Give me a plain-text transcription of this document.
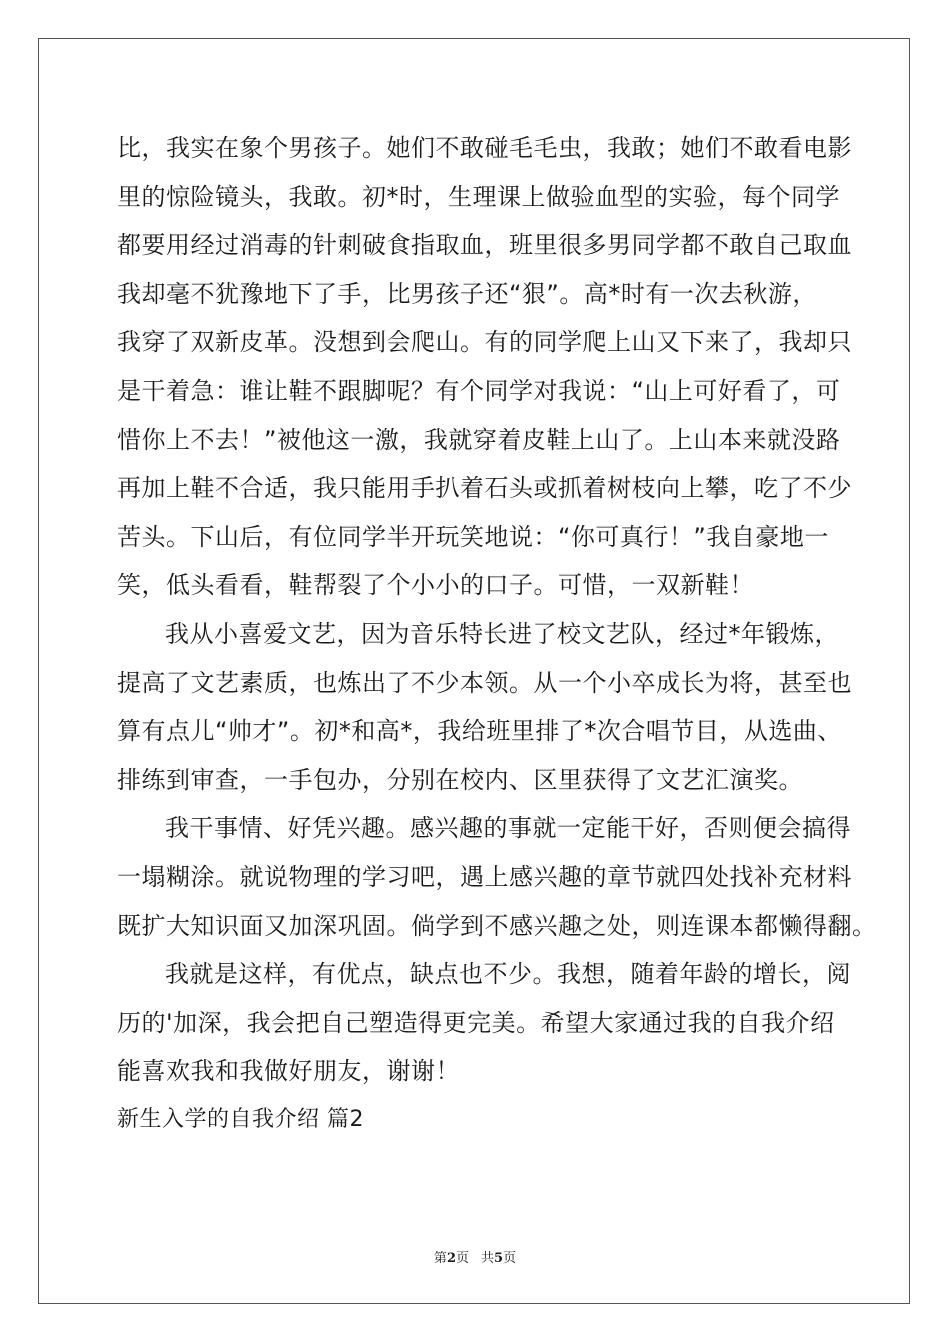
比，我实在象个男孩子。她们不敢碰毛毛虫，我敢；她们不敢看电影
里的惊险镜头，我敢。初*时，生理课上做验血型的实验，每个同学
都要用经过消毒的针刺破食指取血，班里很多男同学都不敢自己取血
我却毫不犹豫地下了手，比男孩子还“狠”。高*时有一次去秋游，
我穿了双新皮革。没想到会爬山。有的同学爬上山又下来了，我却只
是干着急：谁让鞋不跟脚呢？有个同学对我说：“山上可好看了，可
惜你上不去！”被他这一激，我就穿着皮鞋上山了。上山本来就没路
再加上鞋不合适，我只能用手扒着石头或抓着树枝向上攀，吃了不少
苦头。下山后，有位同学半开玩笑地说：“你可真行！”我自豪地一
笑，低头看看，鞋帮裂了个小小的口子。可惜，一双新鞋！
我从小喜爱文艺，因为音乐特长进了校文艺队，经过*年锻炼，
提高了文艺素质，也炼出了不少本领。从一个小卒成长为将，甚至也
算有点儿“帅才”。初*和高*，我给班里排了*次合唱节目，从选曲、
排练到审查，一手包办，分别在校内、区里获得了文艺汇演奖。
我干事情、好凭兴趣。感兴趣的事就一定能干好，否则便会搞得
一塌糊涂。就说物理的学习吧，遇上感兴趣的章节就四处找补充材料
既扩大知识面又加深巩固。倘学到不感兴趣之处，则连课本都懒得翻。
我就是这样，有优点，缺点也不少。我想，随着年龄的增长，阅
历的'加深，我会把自己塑造得更完美。希望大家通过我的自我介绍
能喜欢我和我做好朋友，谢谢！
新生入学的自我介绍 篇2
第2页 共5页
